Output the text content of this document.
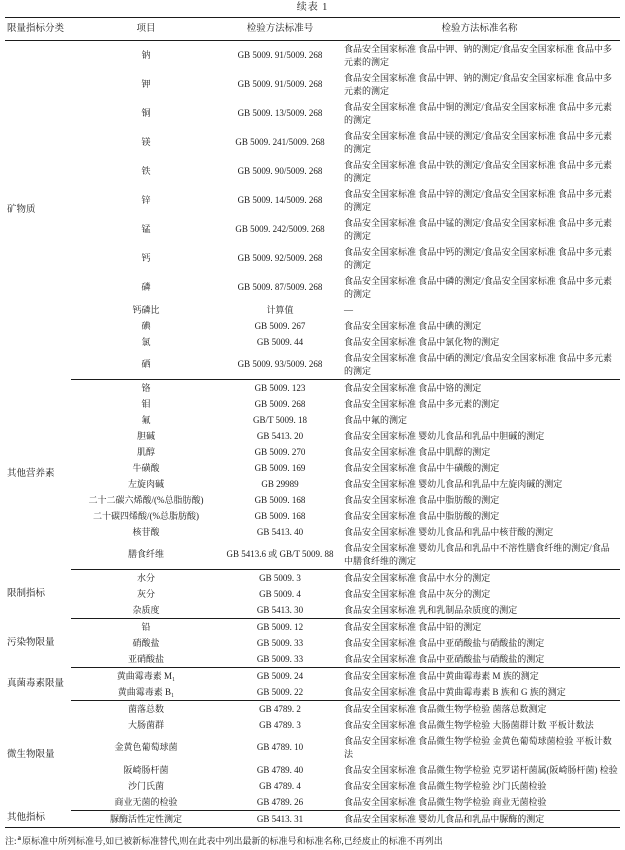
续表 1
限量指标分类	项目	检验方法标准号	检验方法标准名称
矿物质	钠	GB 5009. 91/5009. 268	食品安全国家标准 食品中钾、钠的测定/食品安全国家标准 食品中多元素的测定
	钾	GB 5009. 91/5009. 268	食品安全国家标准 食品中钾、钠的测定/食品安全国家标准 食品中多元素的测定
	铜	GB 5009. 13/5009. 268	食品安全国家标准 食品中铜的测定/食品安全国家标准 食品中多元素的测定
	镁	GB 5009. 241/5009. 268	食品安全国家标准 食品中镁的测定/食品安全国家标准 食品中多元素的测定
	铁	GB 5009. 90/5009. 268	食品安全国家标准 食品中铁的测定/食品安全国家标准 食品中多元素的测定
	锌	GB 5009. 14/5009. 268	食品安全国家标准 食品中锌的测定/食品安全国家标准 食品中多元素的测定
	锰	GB 5009. 242/5009. 268	食品安全国家标准 食品中锰的测定/食品安全国家标准 食品中多元素的测定
	钙	GB 5009. 92/5009. 268	食品安全国家标准 食品中钙的测定/食品安全国家标准 食品中多元素的测定
	磷	GB 5009. 87/5009. 268	食品安全国家标准 食品中磷的测定/食品安全国家标准 食品中多元素的测定
	钙磷比	计算值	—
	碘	GB 5009. 267	食品安全国家标准 食品中碘的测定
	氯	GB 5009. 44	食品安全国家标准 食品中氯化物的测定
	硒	GB 5009. 93/5009. 268	食品安全国家标准 食品中硒的测定/食品安全国家标准 食品中多元素的测定
其他营养素	铬	GB 5009. 123	食品安全国家标准 食品中铬的测定
	钼	GB 5009. 268	食品安全国家标准 食品中多元素的测定
	氟	GB/T 5009. 18	食品中氟的测定
	胆碱	GB 5413. 20	食品安全国家标准 婴幼儿食品和乳品中胆碱的测定
	肌醇	GB 5009. 270	食品安全国家标准 食品中肌醇的测定
	牛磺酸	GB 5009. 169	食品安全国家标准 食品中牛磺酸的测定
	左旋肉碱	GB 29989	食品安全国家标准 婴幼儿食品和乳品中左旋肉碱的测定
	二十二碳六烯酸/(%总脂肪酸)	GB 5009. 168	食品安全国家标准 食品中脂肪酸的测定
	二十碳四烯酸/(%总脂肪酸)	GB 5009. 168	食品安全国家标准 食品中脂肪酸的测定
	核苷酸	GB 5413. 40	食品安全国家标准 婴幼儿食品和乳品中核苷酸的测定
	膳食纤维	GB 5413.6 或 GB/T 5009. 88	食品安全国家标准 婴幼儿食品和乳品中不溶性膳食纤维的测定/食品中膳食纤维的测定
限制指标	水分	GB 5009. 3	食品安全国家标准 食品中水分的测定
	灰分	GB 5009. 4	食品安全国家标准 食品中灰分的测定
	杂质度	GB 5413. 30	食品安全国家标准 乳和乳制品杂质度的测定
污染物限量	铅	GB 5009. 12	食品安全国家标准 食品中铅的测定
	硝酸盐	GB 5009. 33	食品安全国家标准 食品中亚硝酸盐与硝酸盐的测定
	亚硝酸盐	GB 5009. 33	食品安全国家标准 食品中亚硝酸盐与硝酸盐的测定
真菌毒素限量	黄曲霉毒素 M₁	GB 5009. 24	食品安全国家标准 食品中黄曲霉毒素 M 族的测定
	黄曲霉毒素 B₁	GB 5009. 22	食品安全国家标准 食品中黄曲霉毒素 B 族和 G 族的测定
微生物限量	菌落总数	GB 4789. 2	食品安全国家标准 食品微生物学检验 菌落总数测定
	大肠菌群	GB 4789. 3	食品安全国家标准 食品微生物学检验 大肠菌群计数 平板计数法
	金黄色葡萄球菌	GB 4789. 10	食品安全国家标准 食品微生物学检验 金黄色葡萄球菌检验 平板计数法
	阪崎肠杆菌	GB 4789. 40	食品安全国家标准 食品微生物学检验 克罗诺杆菌属(阪崎肠杆菌) 检验
	沙门氏菌	GB 4789. 4	食品安全国家标准 食品微生物学检验 沙门氏菌检验
	商业无菌的检验	GB 4789. 26	食品安全国家标准 食品微生物学检验 商业无菌检验
其他指标	脲酶活性定性测定	GB 5413. 31	食品安全国家标准 婴幼儿食品和乳品中脲酶的测定
注:$^a$原标准中所列标准号,如已被新标准替代,则在此表中列出最新的标准号和标准名称,已经废止的标准不再列出
